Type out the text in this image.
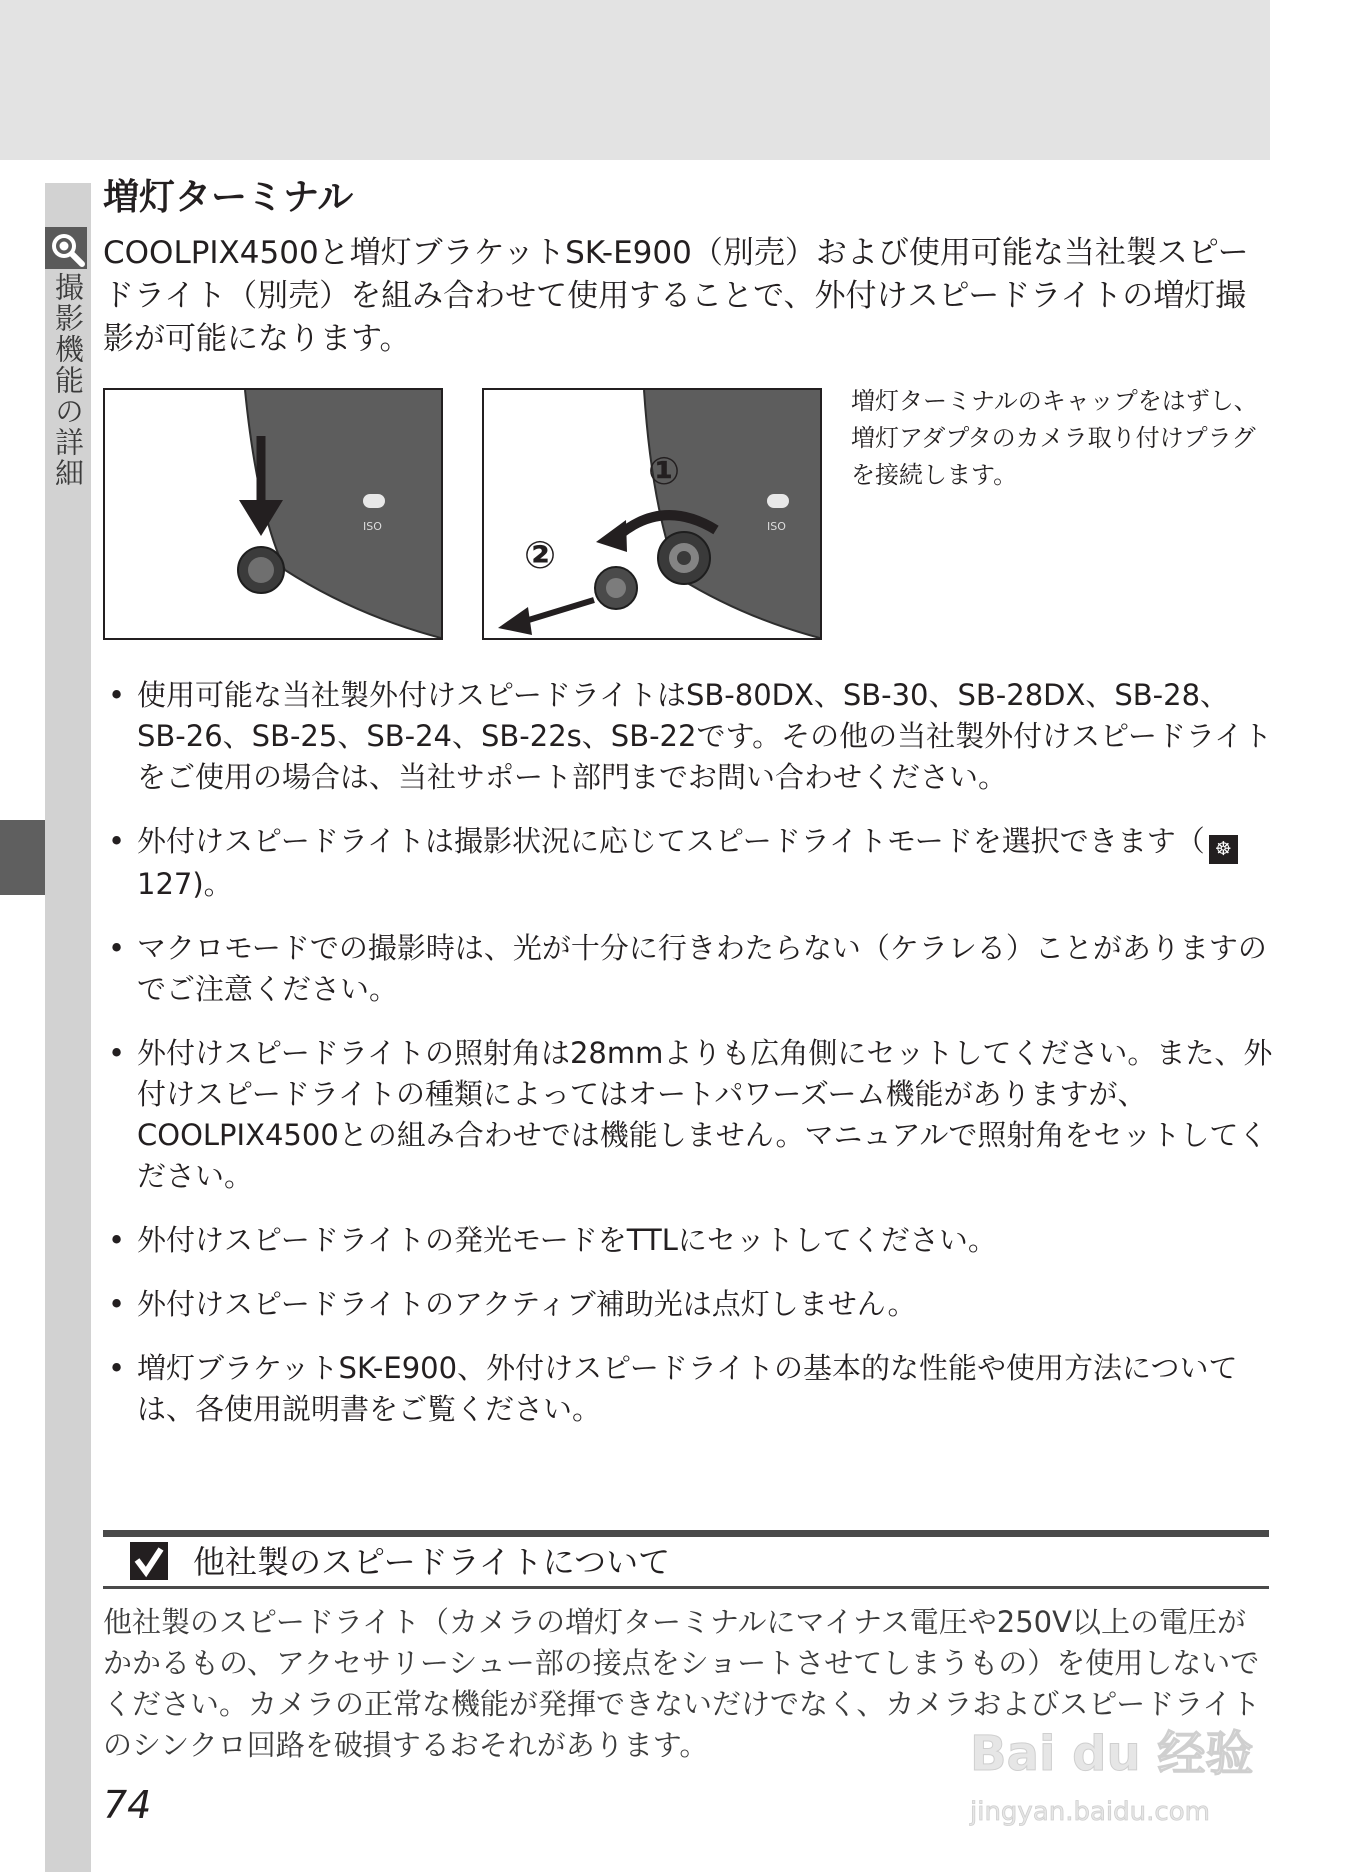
撮影機能の詳細
増灯ターミナル

COOLPIX4500と増灯ブラケットSK-E900（別売）および使用可能な当社製スピードライト（別売）を組み合わせて使用することで、外付けスピードライトの増灯撮影が可能になります。

ISO	ISO
①
②

増灯ターミナルのキャップをはずし、増灯アダプタのカメラ取り付けプラグを接続します。

• 使用可能な当社製外付けスピードライトはSB-80DX、SB-30、SB-28DX、SB-28、SB-26、SB-25、SB-24、SB-22s、SB-22です。その他の当社製外付けスピードライトをご使用の場合は、当社サポート部門までお問い合わせください。
• 外付けスピードライトは撮影状況に応じてスピードライトモードを選択できます（ ☸ 127)。
• マクロモードでの撮影時は、光が十分に行きわたらない（ケラレる）ことがありますのでご注意ください。
• 外付けスピードライトの照射角は28mmよりも広角側にセットしてください。また、外付けスピードライトの種類によってはオートパワーズーム機能がありますが、COOLPIX4500との組み合わせでは機能しません。マニュアルで照射角をセットしてください。
• 外付けスピードライトの発光モードをTTLにセットしてください。
• 外付けスピードライトのアクティブ補助光は点灯しません。
• 増灯ブラケットSK-E900、外付けスピードライトの基本的な性能や使用方法については、各使用説明書をご覧ください。
他社製のスピードライトについて

他社製のスピードライト（カメラの増灯ターミナルにマイナス電圧や250V以上の電圧がかかるもの、アクセサリーシュー部の接点をショートさせてしまうもの）を使用しないでください。カメラの正常な機能が発揮できないだけでなく、カメラおよびスピードライトのシンクロ回路を破損するおそれがあります。

74

Bai du 经验
jingyan.baidu.com
